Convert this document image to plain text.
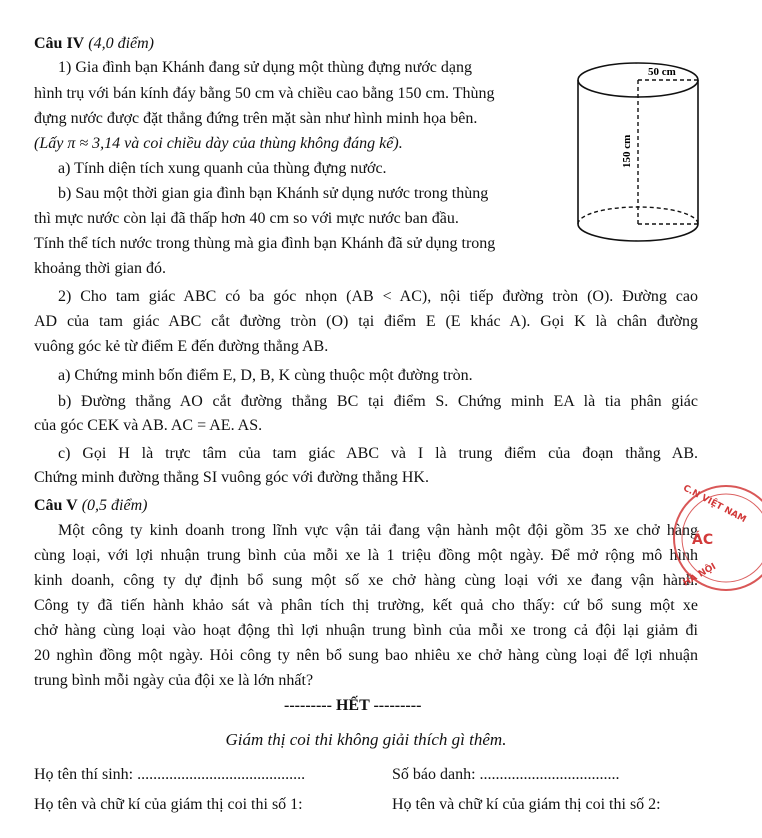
Câu IV (4,0 điểm)
1) Gia đình bạn Khánh đang sử dụng một thùng đựng nước dạng
hình trụ với bán kính đáy bằng 50 cm và chiều cao bằng 150 cm. Thùng
đựng nước được đặt thẳng đứng trên mặt sàn như hình minh họa bên.
(Lấy π ≈ 3,14 và coi chiều dày của thùng không đáng kể).
a) Tính diện tích xung quanh của thùng đựng nước.
b) Sau một thời gian gia đình bạn Khánh sử dụng nước trong thùng
thì mực nước còn lại đã thấp hơn 40 cm so với mực nước ban đầu.
Tính thể tích nước trong thùng mà gia đình bạn Khánh đã sử dụng trong
khoảng thời gian đó.
50 cm
150 cm
2) Cho tam giác ABC có ba góc nhọn (AB < AC), nội tiếp đường tròn (O). Đường cao
AD của tam giác ABC cắt đường tròn (O) tại điểm E (E khác A). Gọi K là chân đường
vuông góc kẻ từ điểm E đến đường thẳng AB.
a) Chứng minh bốn điểm E, D, B, K cùng thuộc một đường tròn.
b) Đường thẳng AO cắt đường thẳng BC tại điểm S. Chứng minh EA là tia phân giác
của góc CEK và AB. AC = AE. AS.
c) Gọi H là trực tâm của tam giác ABC và I là trung điểm của đoạn thẳng AB.
Chứng minh đường thẳng SI vuông góc với đường thẳng HK.
Câu V (0,5 điểm)
Một công ty kinh doanh trong lĩnh vực vận tải đang vận hành một đội gồm 35 xe chở hàng
cùng loại, với lợi nhuận trung bình của mỗi xe là 1 triệu đồng một ngày. Để mở rộng mô hình
kinh doanh, công ty dự định bổ sung một số xe chở hàng cùng loại với xe đang vận hành.
Công ty đã tiến hành khảo sát và phân tích thị trường, kết quả cho thấy: cứ bổ sung một xe
chở hàng cùng loại vào hoạt động thì lợi nhuận trung bình của mỗi xe trong cả đội lại giảm đi
20 nghìn đồng một ngày. Hỏi công ty nên bổ sung bao nhiêu xe chở hàng cùng loại để lợi nhuận
trung bình mỗi ngày của đội xe là lớn nhất?
C.N VIỆT NAM
ÁC
HÀ NỘI
--------- HẾT ---------
Giám thị coi thi không giải thích gì thêm.
Họ tên thí sinh: ..........................................	Số báo danh: ...................................
Họ tên và chữ kí của giám thị coi thi số 1:	Họ tên và chữ kí của giám thị coi thi số 2:
